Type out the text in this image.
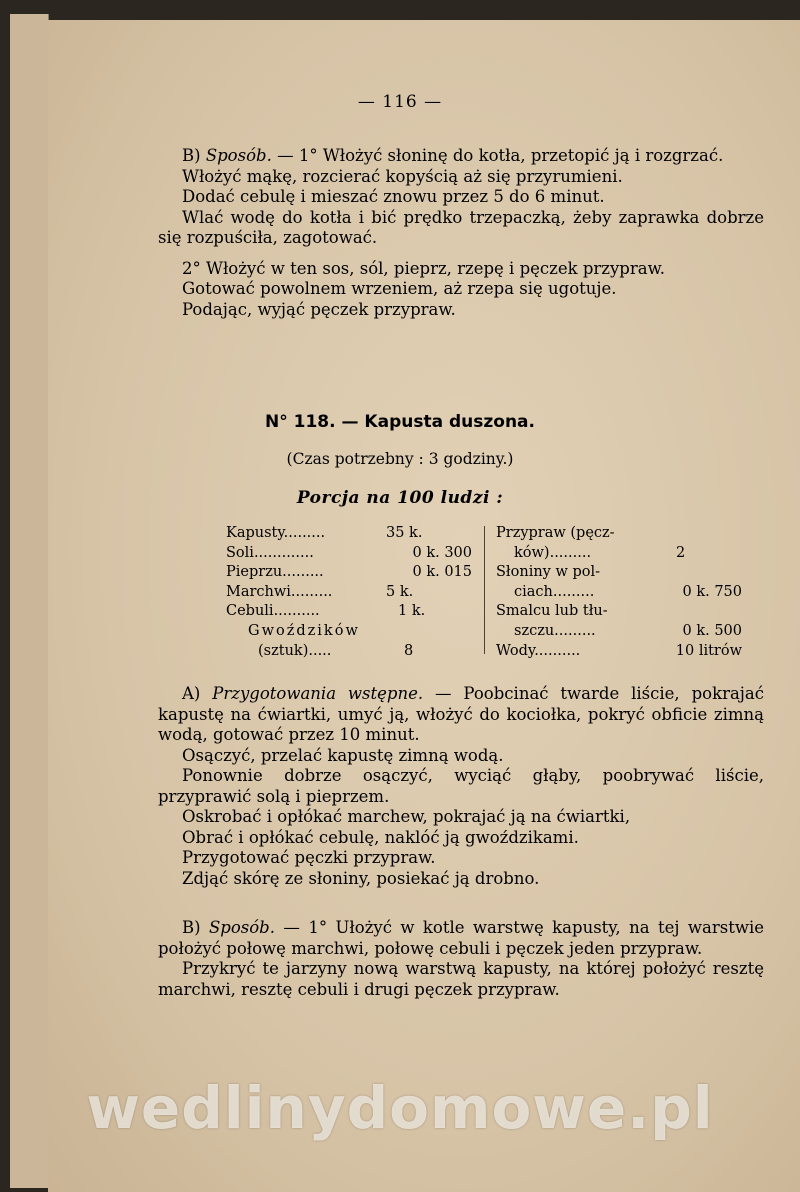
— 116 —

B) Sposób. — 1° Włożyć słoninę do kotła, przetopić ją i rozgrzać.

Włożyć mąkę, rozcierać kopyścią aż się przyrumieni.

Dodać cebulę i mieszać znowu przez 5 do 6 minut.

Wlać wodę do kotła i bić prędko trzepaczką, żeby zaprawka dobrze się rozpuściła, zagotować.

2° Włożyć w ten sos, sól, pieprz, rzepę i pęczek przypraw.

Gotować powolnem wrzeniem, aż rzepa się ugotuje.

Podając, wyjąć pęczek przypraw.

N° 118. — Kapusta duszona.
(Czas potrzebny : 3 godziny.)
Porcja na 100 ludzi :
Kapusty.........	35 k.
Soli.............	0 k. 300
Pieprzu.........	0 k. 015
Marchwi.........	5 k.
Cebuli..........	1 k.
Gwoździków
(sztuk).....	8
Przypraw (pęcz-
ków).........	2
Słoniny w pol-
ciach.........	0 k. 750
Smalcu lub tłu-
szczu.........	0 k. 500
Wody..........	10 litrów

A) Przygotowania wstępne. — Poobcinać twarde liście, pokrajać kapustę na ćwiartki, umyć ją, włożyć do kociołka, pokryć obficie zimną wodą, gotować przez 10 minut.

Osączyć, przelać kapustę zimną wodą.

Ponownie dobrze osączyć, wyciąć głąby, poobrywać liście, przyprawić solą i pieprzem.

Oskrobać i opłókać marchew, pokrajać ją na ćwiartki,

Obrać i opłókać cebulę, naklóć ją gwoździkami.

Przygotować pęczki przypraw.

Zdjąć skórę ze słoniny, posiekać ją drobno.

B) Sposób. — 1° Ułożyć w kotle warstwę kapusty, na tej warstwie położyć połowę marchwi, połowę cebuli i pęczek jeden przypraw.

Przykryć te jarzyny nową warstwą kapusty, na której położyć resztę marchwi, resztę cebuli i drugi pęczek przypraw.

wedlinydomowe.pl
